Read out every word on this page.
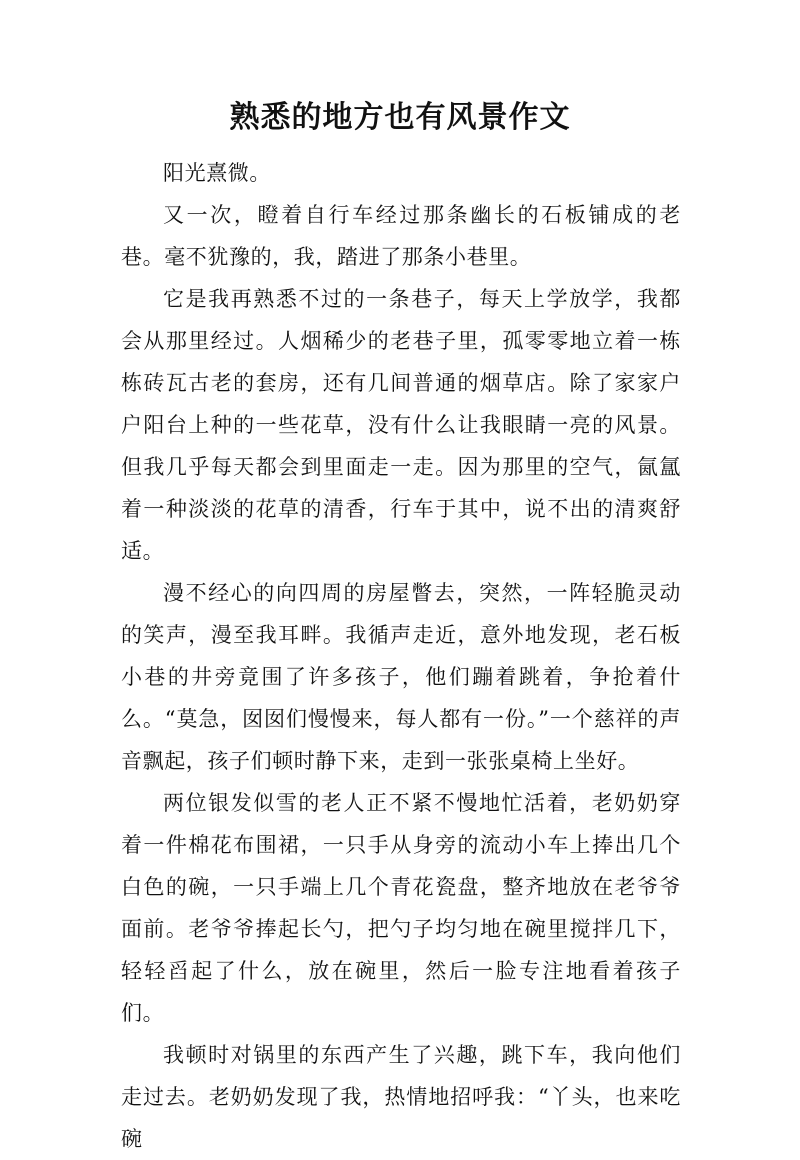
熟悉的地方也有风景作文

阳光熹微。

又一次，瞪着自行车经过那条幽长的石板铺成的老巷。毫不犹豫的，我，踏进了那条小巷里。

它是我再熟悉不过的一条巷子，每天上学放学，我都会从那里经过。人烟稀少的老巷子里，孤零零地立着一栋栋砖瓦古老的套房，还有几间普通的烟草店。除了家家户户阳台上种的一些花草，没有什么让我眼睛一亮的风景。但我几乎每天都会到里面走一走。因为那里的空气，氤氲着一种淡淡的花草的清香，行车于其中，说不出的清爽舒适。

漫不经心的向四周的房屋瞥去，突然，一阵轻脆灵动的笑声，漫至我耳畔。我循声走近，意外地发现，老石板小巷的井旁竟围了许多孩子，他们蹦着跳着，争抢着什么。“莫急，囡囡们慢慢来，每人都有一份。”一个慈祥的声音飘起，孩子们顿时静下来，走到一张张桌椅上坐好。

两位银发似雪的老人正不紧不慢地忙活着，老奶奶穿着一件棉花布围裙，一只手从身旁的流动小车上捧出几个白色的碗，一只手端上几个青花瓷盘，整齐地放在老爷爷面前。老爷爷捧起长勺，把勺子均匀地在碗里搅拌几下，轻轻舀起了什么，放在碗里，然后一脸专注地看着孩子们。

我顿时对锅里的东西产生了兴趣，跳下车，我向他们走过去。老奶奶发现了我，热情地招呼我：“丫头，也来吃碗
